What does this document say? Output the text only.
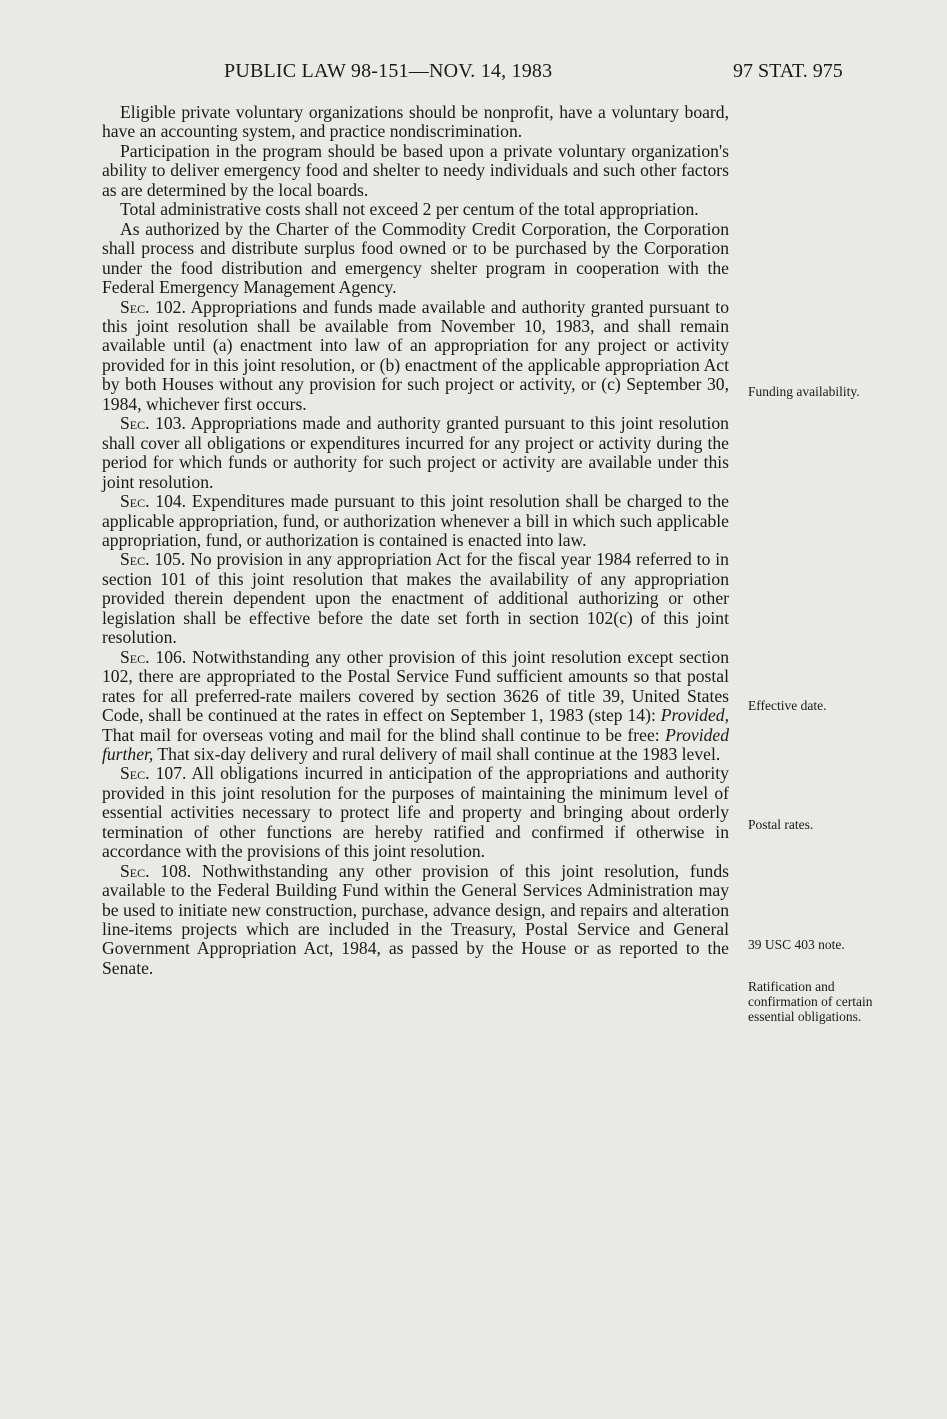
PUBLIC LAW 98-151—NOV. 14, 1983	97 STAT. 975

Eligible private voluntary organizations should be nonprofit, have a voluntary board, have an accounting system, and practice nondiscrimination.

Participation in the program should be based upon a private voluntary organization's ability to deliver emergency food and shelter to needy individuals and such other factors as are determined by the local boards.

Total administrative costs shall not exceed 2 per centum of the total appropriation.

As authorized by the Charter of the Commodity Credit Corporation, the Corporation shall process and distribute surplus food owned or to be purchased by the Corporation under the food distribution and emergency shelter program in cooperation with the Federal Emergency Management Agency.

Sec. 102. Appropriations and funds made available and authority granted pursuant to this joint resolution shall be available from November 10, 1983, and shall remain available until (a) enactment into law of an appropriation for any project or activity provided for in this joint resolution, or (b) enactment of the applicable appropriation Act by both Houses without any provision for such project or activity, or (c) September 30, 1984, whichever first occurs.

Sec. 103. Appropriations made and authority granted pursuant to this joint resolution shall cover all obligations or expenditures incurred for any project or activity during the period for which funds or authority for such project or activity are available under this joint resolution.

Sec. 104. Expenditures made pursuant to this joint resolution shall be charged to the applicable appropriation, fund, or authorization whenever a bill in which such applicable appropriation, fund, or authorization is contained is enacted into law.

Sec. 105. No provision in any appropriation Act for the fiscal year 1984 referred to in section 101 of this joint resolution that makes the availability of any appropriation provided therein dependent upon the enactment of additional authorizing or other legislation shall be effective before the date set forth in section 102(c) of this joint resolution.

Sec. 106. Notwithstanding any other provision of this joint resolution except section 102, there are appropriated to the Postal Service Fund sufficient amounts so that postal rates for all preferred-rate mailers covered by section 3626 of title 39, United States Code, shall be continued at the rates in effect on September 1, 1983 (step 14): Provided, That mail for overseas voting and mail for the blind shall continue to be free: Provided further, That six-day delivery and rural delivery of mail shall continue at the 1983 level.

Sec. 107. All obligations incurred in anticipation of the appropriations and authority provided in this joint resolution for the purposes of maintaining the minimum level of essential activities necessary to protect life and property and bringing about orderly termination of other functions are hereby ratified and confirmed if otherwise in accordance with the provisions of this joint resolution.

Sec. 108. Nothwithstanding any other provision of this joint resolution, funds available to the Federal Building Fund within the General Services Administration may be used to initiate new construction, purchase, advance design, and repairs and alteration line-items projects which are included in the Treasury, Postal Service and General Government Appropriation Act, 1984, as passed by the House or as reported to the Senate.

Funding availability.
Effective date.
Postal rates.
39 USC 403 note.
Ratification and confirmation of certain essential obligations.
